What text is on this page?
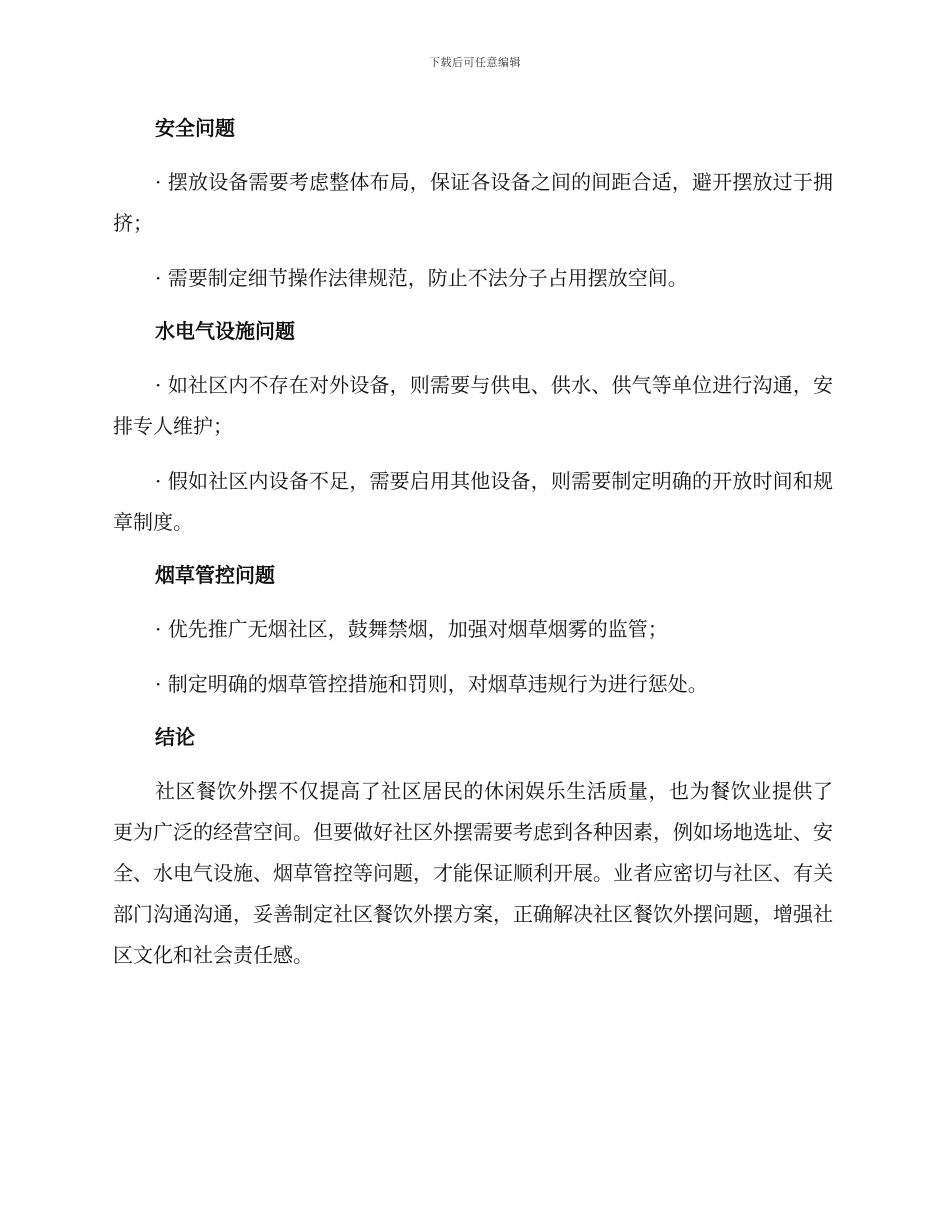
下载后可任意编辑
安全问题

· 摆放设备需要考虑整体布局，保证各设备之间的间距合适，避开摆放过于拥挤；

· 需要制定细节操作法律规范，防止不法分子占用摆放空间。

水电气设施问题

· 如社区内不存在对外设备，则需要与供电、供水、供气等单位进行沟通，安排专人维护；

· 假如社区内设备不足，需要启用其他设备，则需要制定明确的开放时间和规章制度。

烟草管控问题

· 优先推广无烟社区，鼓舞禁烟，加强对烟草烟雾的监管；

· 制定明确的烟草管控措施和罚则，对烟草违规行为进行惩处。

结论

社区餐饮外摆不仅提高了社区居民的休闲娱乐生活质量，也为餐饮业提供了更为广泛的经营空间。但要做好社区外摆需要考虑到各种因素，例如场地选址、安全、水电气设施、烟草管控等问题，才能保证顺利开展。业者应密切与社区、有关部门沟通沟通，妥善制定社区餐饮外摆方案，正确解决社区餐饮外摆问题，增强社区文化和社会责任感。
